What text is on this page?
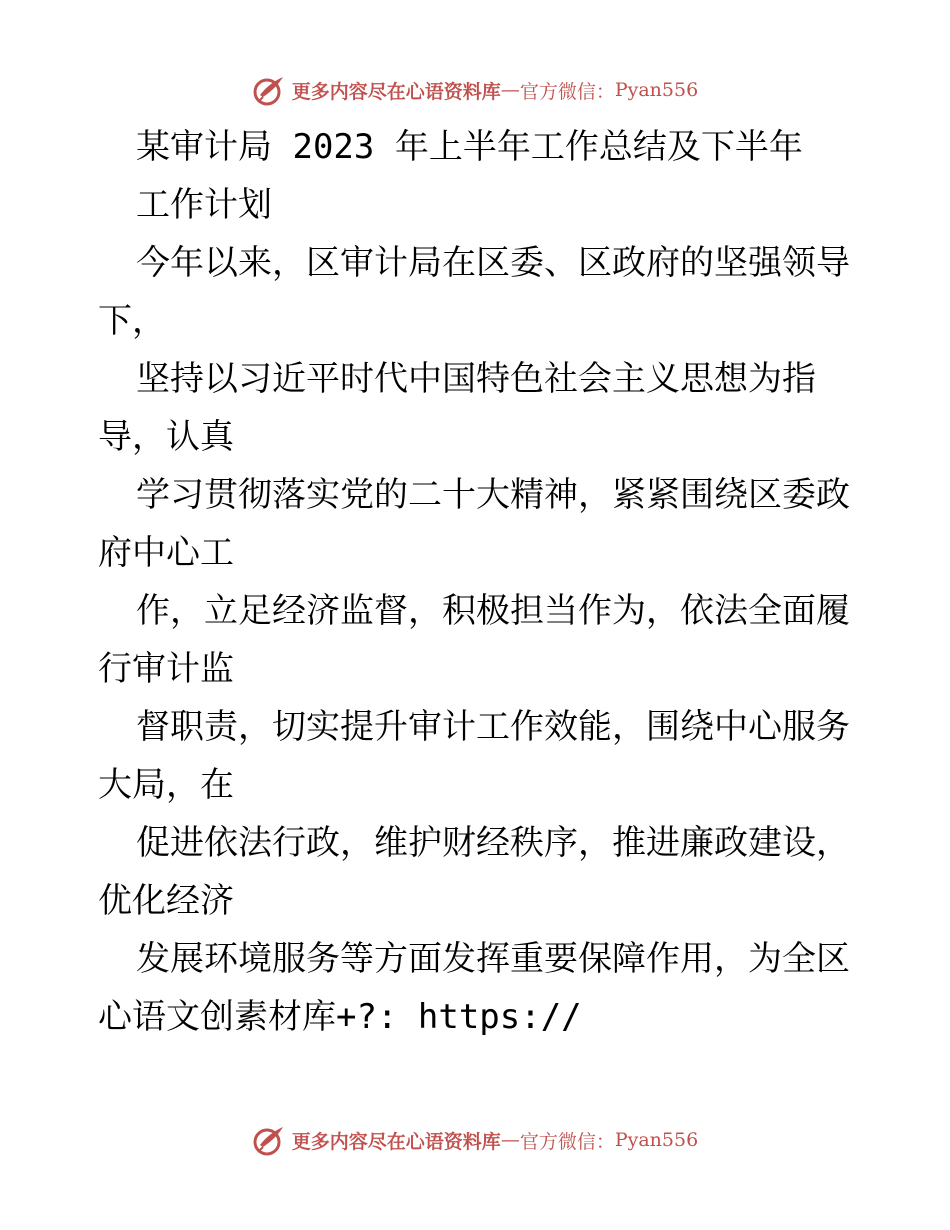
更多内容尽在心语资料库 — 官方微信： Pyan556
某审计局 2023 年上半年工作总结及下半年
工作计划
今年以来，区审计局在区委、区政府的坚强领导
下，
坚持以习近平时代中国特色社会主义思想为指
导，认真
学习贯彻落实党的二十大精神，紧紧围绕区委政
府中心工
作，立足经济监督，积极担当作为，依法全面履
行审计监
督职责，切实提升审计工作效能，围绕中心服务
大局，在
促进依法行政，维护财经秩序，推进廉政建设，
优化经济
发展环境服务等方面发挥重要保障作用，为全区
心语文创素材库+?: https://
更多内容尽在心语资料库 — 官方微信： Pyan556
